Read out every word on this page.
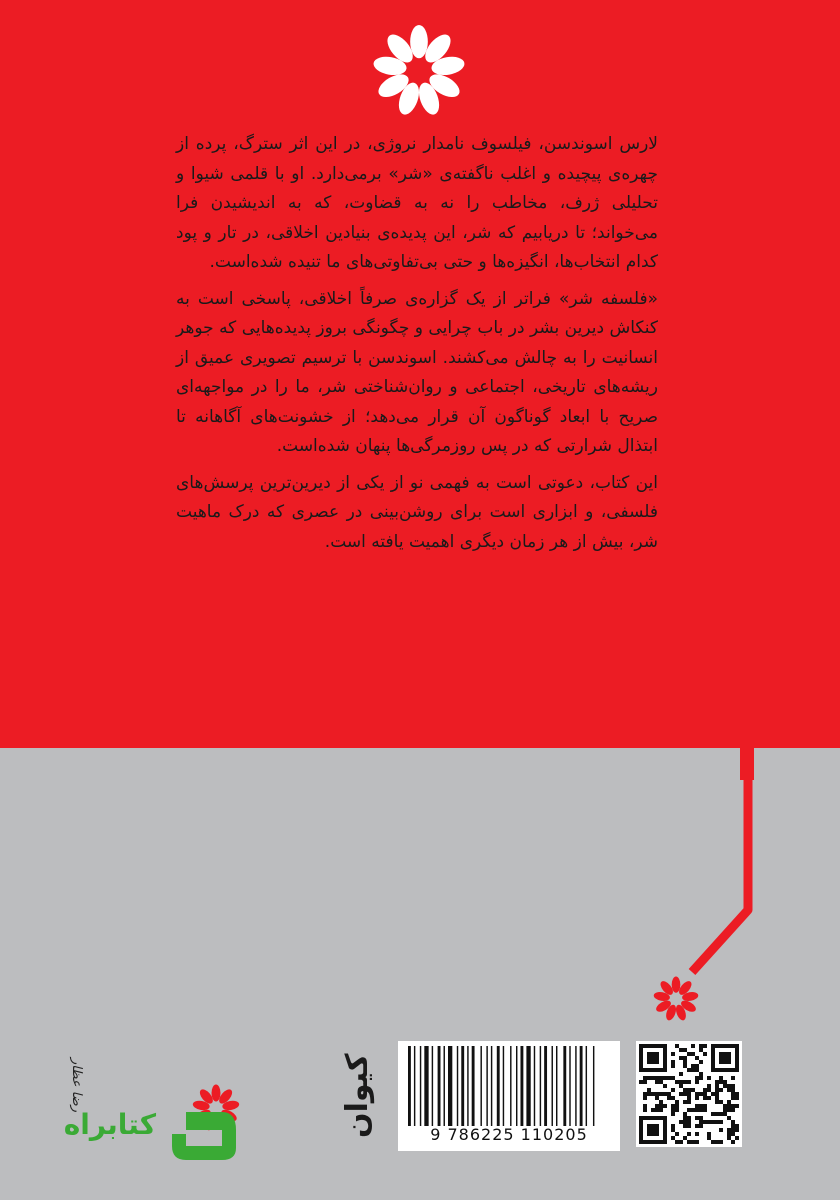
لارس اسوندسن، فیلسوف نامدار نروژی، در این اثر سترگ، پرده از چهره‌ی پیچیده و اغلب ناگفته‌ی «شر» برمی‌دارد. او با قلمی شیوا و تحلیلی ژرف، مخاطب را نه به قضاوت، که به اندیشیدن فرا می‌خواند؛ تا دریابیم که شر، این پدیده‌ی بنیادین اخلاقی، در تار و پود کدام انتخاب‌ها، انگیزه‌ها و حتی بی‌تفاوتی‌های ما تنیده شده‌است.

«فلسفه شر» فراتر از یک گزاره‌ی صرفاً اخلاقی، پاسخی است به کنکاش دیرین بشر در باب چرایی و چگونگی بروز پدیده‌هایی که جوهر انسانیت را به چالش می‌کشند. اسوندسن با ترسیم تصویری عمیق از ریشه‌های تاریخی، اجتماعی و روان‌شناختی شر، ما را در مواجهه‌ای صریح با ابعاد گوناگون آن قرار می‌دهد؛ از خشونت‌های آگاهانه تا ابتذال شرارتی که در پس روزمرگی‌ها پنهان شده‌است.

این کتاب، دعوتی است به فهمی نو از یکی از دیرین‌ترین پرسش‌های فلسفی، و ابزاری است برای روشن‌بینی در عصری که درک ماهیت شر، بیش از هر زمان دیگری اهمیت یافته است.

9 786225 110205
کیوان
رضا عظار
کتابراه
